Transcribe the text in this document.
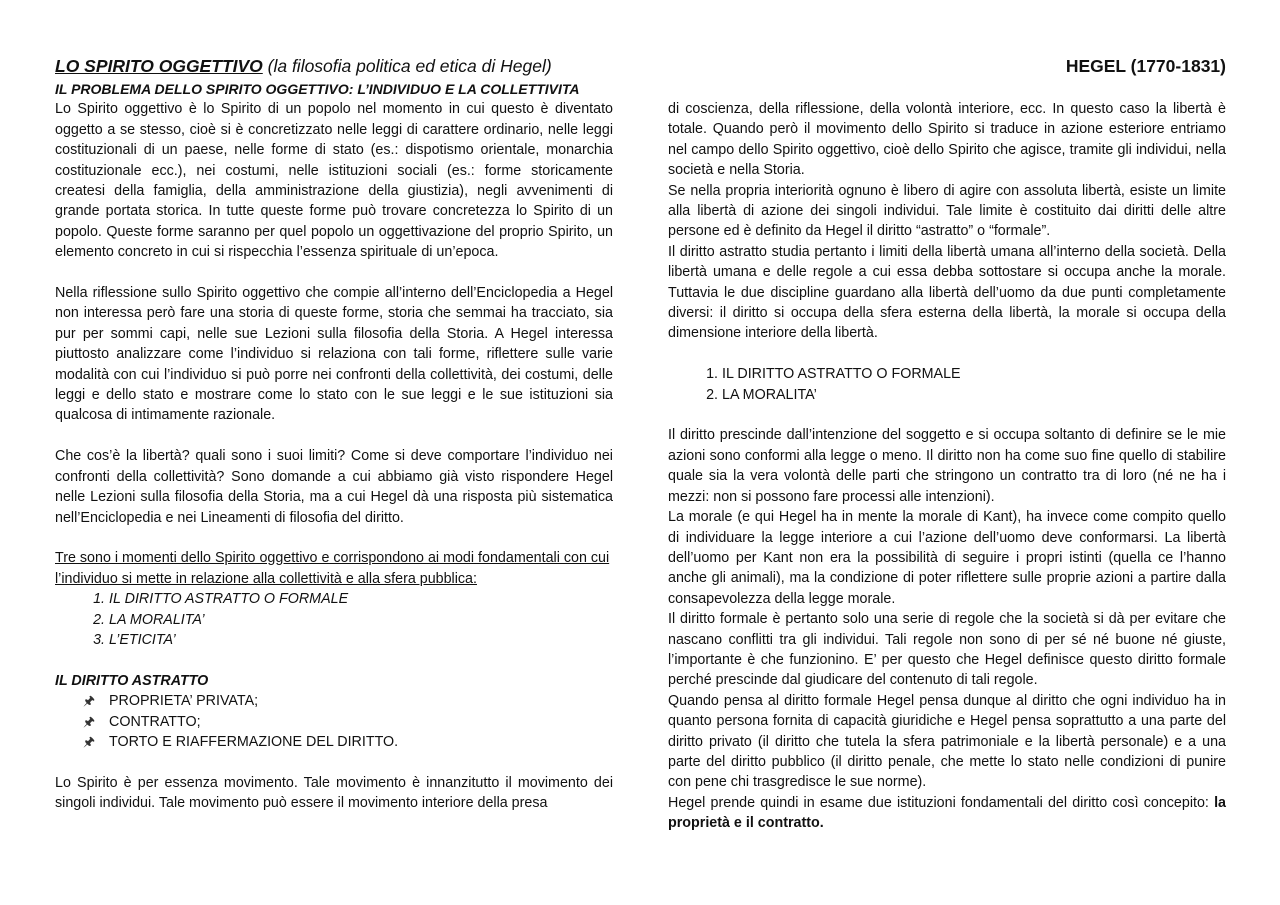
LO SPIRITO OGGETTIVO (la filosofia politica ed etica di Hegel)	HEGEL (1770-1831)
IL PROBLEMA DELLO SPIRITO OGGETTIVO: L’INDIVIDUO E LA COLLETTIVITA

Lo Spirito oggettivo è lo Spirito di un popolo nel momento in cui questo è diventato oggetto a se stesso, cioè si è concretizzato nelle leggi di carattere ordinario, nelle leggi costituzionali di un paese, nelle forme di stato (es.: dispotismo orientale, monarchia costituzionale ecc.), nei costumi, nelle istituzioni sociali (es.: forme storicamente createsi della famiglia, della amministrazione della giustizia), negli avvenimenti di grande portata storica. In tutte queste forme può trovare concretezza lo Spirito di un popolo. Queste forme saranno per quel popolo un oggettivazione del proprio Spirito, un elemento concreto in cui si rispecchia l’essenza spirituale di un’epoca.

Nella riflessione sullo Spirito oggettivo che compie all’interno dell’Enciclopedia a Hegel non interessa però fare una storia di queste forme, storia che semmai ha tracciato, sia pur per sommi capi, nelle sue Lezioni sulla filosofia della Storia. A Hegel interessa piuttosto analizzare come l’individuo si relaziona con tali forme, riflettere sulle varie modalità con cui l’individuo si può porre nei confronti della collettività, dei costumi, delle leggi e dello stato e mostrare come lo stato con le sue leggi e le sue istituzioni sia qualcosa di intimamente razionale.

Che cos’è la libertà? quali sono i suoi limiti? Come si deve comportare l’individuo nei confronti della collettività? Sono domande a cui abbiamo già visto rispondere Hegel nelle Lezioni sulla filosofia della Storia, ma a cui Hegel dà una risposta più sistematica nell’Enciclopedia e nei Lineamenti di filosofia del diritto.

Tre sono i momenti dello Spirito oggettivo e corrispondono ai modi fondamentali con cui l’individuo si mette in relazione alla collettività e alla sfera pubblica:

1. IL DIRITTO ASTRATTO O FORMALE
2. LA MORALITA’
3. L’ETICITA’
IL DIRITTO ASTRATTO
🖈︎ PROPRIETA’ PRIVATA;
🖈︎ CONTRATTO;
🖈︎ TORTO E RIAFFERMAZIONE DEL DIRITTO.

Lo Spirito è per essenza movimento. Tale movimento è innanzitutto il movimento dei singoli individui. Tale movimento può essere il movimento interiore della presa

di coscienza, della riflessione, della volontà interiore, ecc. In questo caso la libertà è totale. Quando però il movimento dello Spirito si traduce in azione esteriore entriamo nel campo dello Spirito oggettivo, cioè dello Spirito che agisce, tramite gli individui, nella società e nella Storia.

Se nella propria interiorità ognuno è libero di agire con assoluta libertà, esiste un limite alla libertà di azione dei singoli individui. Tale limite è costituito dai diritti delle altre persone ed è definito da Hegel il diritto “astratto” o “formale”.

Il diritto astratto studia pertanto i limiti della libertà umana all’interno della società. Della libertà umana e delle regole a cui essa debba sottostare si occupa anche la morale. Tuttavia le due discipline guardano alla libertà dell’uomo da due punti completamente diversi: il diritto si occupa della sfera esterna della libertà, la morale si occupa della dimensione interiore della libertà.

1. IL DIRITTO ASTRATTO O FORMALE
2. LA MORALITA’

Il diritto prescinde dall’intenzione del soggetto e si occupa soltanto di definire se le mie azioni sono conformi alla legge o meno. Il diritto non ha come suo fine quello di stabilire quale sia la vera volontà delle parti che stringono un contratto tra di loro (né ne ha i mezzi: non si possono fare processi alle intenzioni).

La morale (e qui Hegel ha in mente la morale di Kant), ha invece come compito quello di individuare la legge interiore a cui l’azione dell’uomo deve conformarsi. La libertà dell’uomo per Kant non era la possibilità di seguire i propri istinti (quella ce l’hanno anche gli animali), ma la condizione di poter riflettere sulle proprie azioni a partire dalla consapevolezza della legge morale.

Il diritto formale è pertanto solo una serie di regole che la società si dà per evitare che nascano conflitti tra gli individui. Tali regole non sono di per sé né buone né giuste, l’importante è che funzionino. E’ per questo che Hegel definisce questo diritto formale perché prescinde dal giudicare del contenuto di tali regole.

Quando pensa al diritto formale Hegel pensa dunque al diritto che ogni individuo ha in quanto persona fornita di capacità giuridiche e Hegel pensa soprattutto a una parte del diritto privato (il diritto che tutela la sfera patrimoniale e la libertà personale) e a una parte del diritto pubblico (il diritto penale, che mette lo stato nelle condizioni di punire con pene chi trasgredisce le sue norme).

Hegel prende quindi in esame due istituzioni fondamentali del diritto così concepito: la proprietà e il contratto.
